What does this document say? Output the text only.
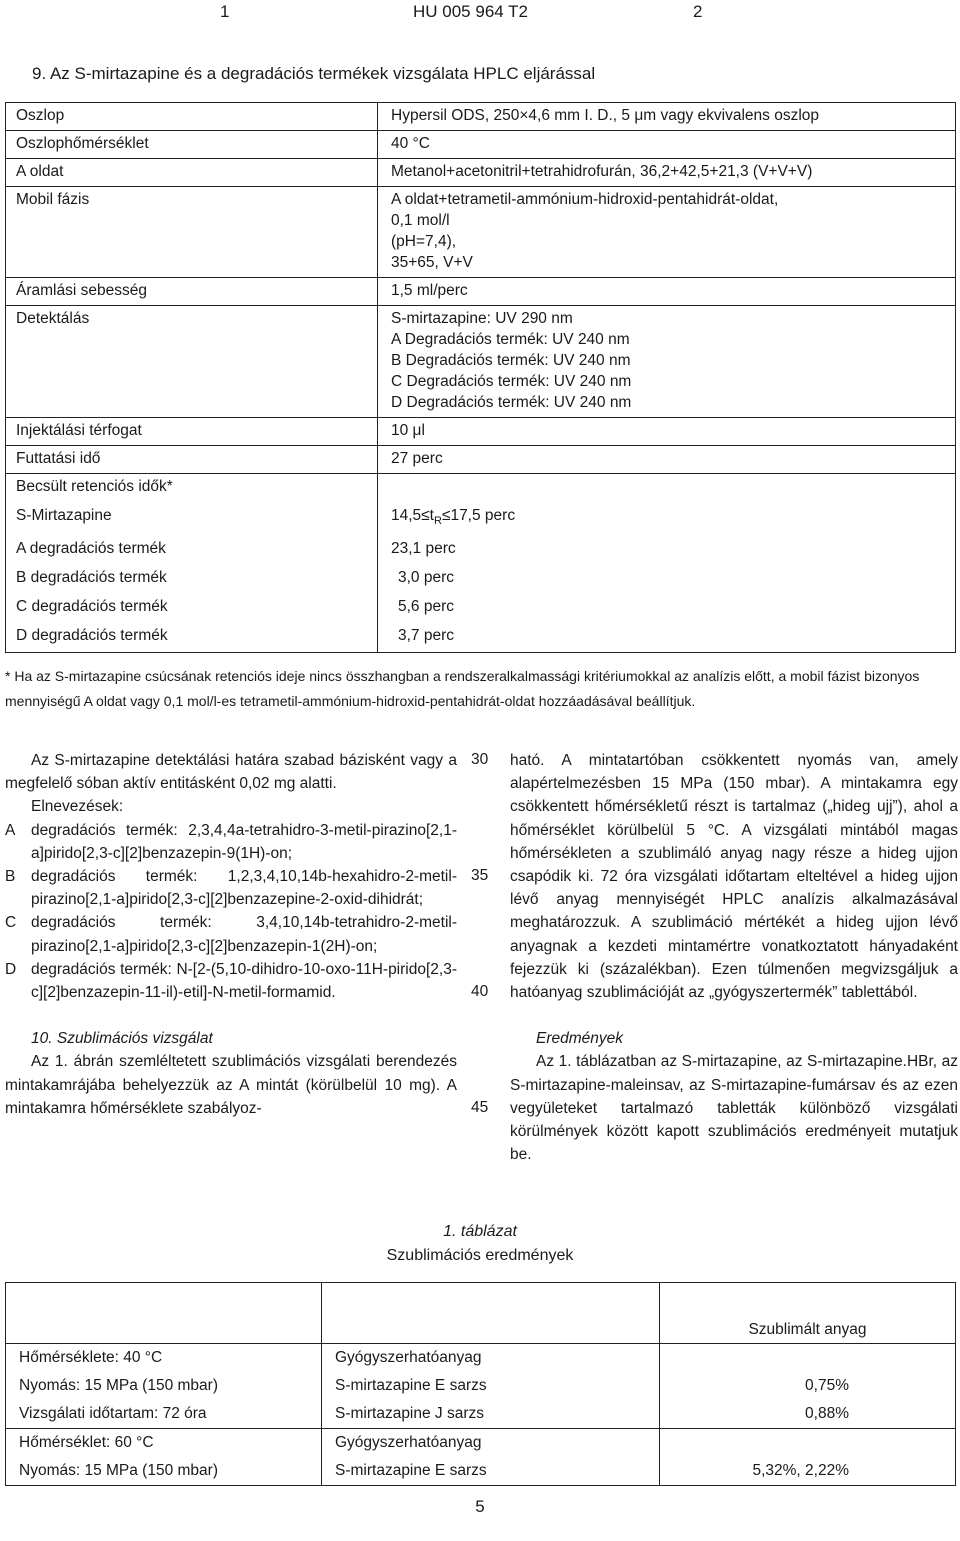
1	HU 005 964 T2	2
9. Az S-mirtazapine és a degradációs termékek vizsgálata HPLC eljárással
Oszlop	Hypersil ODS, 250×4,6 mm I. D., 5 μm vagy ekvivalens oszlop
Oszlophőmérséklet	40 °C
A oldat	Metanol+acetonitril+tetrahidrofurán, 36,2+42,5+21,3 (V+V+V)
Mobil fázis	A oldat+tetrametil-ammónium-hidroxid-pentahidrát-oldat,
0,1 mol/l
(pH=7,4),
35+65, V+V
Áramlási sebesség	1,5 ml/perc
Detektálás	S-mirtazapine: UV 290 nm
A Degradációs termék: UV 240 nm
B Degradációs termék: UV 240 nm
C Degradációs termék: UV 240 nm
D Degradációs termék: UV 240 nm
Injektálási térfogat	10 μl
Futtatási idő	27 perc
Becsült retenciós idők*	
S-Mirtazapine	$14,5\le t_R\le 17,5$ perc
A degradációs termék	23,1 perc
B degradációs termék	3,0 perc
C degradációs termék	5,6 perc
D degradációs termék	3,7 perc
* Ha az S-mirtazapine csúcsának retenciós ideje nincs összhangban a rendszeralkalmassági kritériumokkal az analízis előtt, a mobil fázist bizonyos mennyiségű A oldat vagy 0,1 mol/l-es tetrametil-ammónium-hidroxid-pentahidrát-oldat hozzáadásával beállítjuk.

Az S-mirtazapine detektálási határa szabad bázisként vagy a megfelelő sóban aktív entitásként 0,02 mg alatti.

Elnevezések:

A	degradációs termék: 2,3,4,4a-tetrahidro-3-metil-pirazino[2,1-a]pirido[2,3-c][2]benzazepin-9(1H)-on;
B	degradációs termék: 1,2,3,4,10,14b-hexahidro-2-metil-pirazino[2,1-a]pirido[2,3-c][2]benzazepine-2-oxid-dihidrát;
C degradációs termék: 3,4,10,14b-tetrahidro-2-metil-pirazino[2,1-a]pirido[2,3-c][2]benzazepin-1(2H)-on;
D degradációs termék: N-[2-(5,10-dihidro-10-oxo-11H-pirido[2,3-c][2]benzazepin-11-il)-etil]-N-metil-formamid.

10. Szublimációs vizsgálat

Az 1. ábrán szemléltetett szublimációs vizsgálati berendezés mintakamrájába behelyezzük az A mintát (körülbelül 10 mg). A mintakamra hőmérséklete szabályoz-

30
35
40
45

ható. A mintatartóban csökkentett nyomás van, amely alapértelmezésben 15 MPa (150 mbar). A mintakamra egy csökkentett hőmérsékletű részt is tartalmaz („hideg ujj”), ahol a hőmérséklet körülbelül 5 °C. A vizsgálati mintából magas hőmérsékleten a szublimáló anyag nagy része a hideg ujjon csapódik ki. 72 óra vizsgálati időtartam elteltével a hideg ujjon lévő anyag mennyiségét HPLC analízis alkalmazásával meghatározzuk. A szublimáció mértékét a hideg ujjon lévő anyagnak a kezdeti mintamértre vonatkoztatott hányadaként fejezzük ki (százalékban). Ezen túlmenően megvizsgáljuk a hatóanyag szublimációját az „gyógyszertermék” tablettából.

Eredmények

Az 1. táblázatban az S-mirtazapine, az S-mirtazapine.HBr, az S-mirtazapine-maleinsav, az S-mirtazapine-fumársav és az ezen vegyületeket tartalmazó tabletták különböző vizsgálati körülmények között kapott szublimációs eredményeit mutatjuk be.

1. táblázat
Szublimációs eredmények
		Szublimált anyag
Hőmérséklete: 40 °C	Gyógyszerhatóanyag	
Nyomás: 15 MPa (150 mbar)	S-mirtazapine E sarzs	0,75%
Vizsgálati időtartam: 72 óra	S-mirtazapine J sarzs	0,88%
Hőmérséklet: 60 °C	Gyógyszerhatóanyag	
Nyomás: 15 MPa (150 mbar)	S-mirtazapine E sarzs	5,32%, 2,22%
5
